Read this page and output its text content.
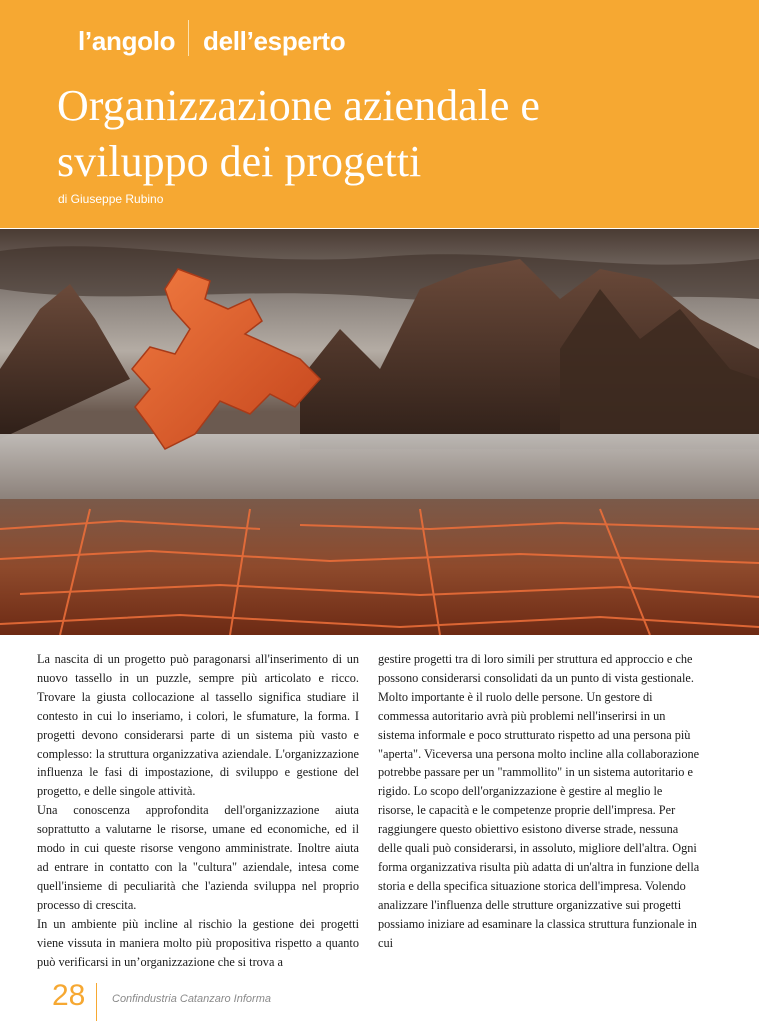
l’angolo dell’esperto
Organizzazione aziendale e
sviluppo dei progetti
di Giuseppe Rubino

La nascita di un progetto può paragonarsi all'inserimento di un nuovo tassello in un puzzle, sempre più articolato e ricco. Trovare la giusta collocazione al tassello significa studiare il contesto in cui lo inseriamo, i colori, le sfumature, la forma. I progetti devono considerarsi parte di un sistema più vasto e complesso: la struttura organizzativa aziendale. L'organizzazione influenza le fasi di impostazione, di sviluppo e gestione del progetto, e delle singole attività.

Una conoscenza approfondita dell'organizzazione aiuta soprattutto a valutarne le risorse, umane ed economiche, ed il modo in cui queste risorse vengono amministrate. Inoltre aiuta ad entrare in contatto con la "cultura" aziendale, intesa come quell'insieme di peculiarità che l'azienda sviluppa nel proprio processo di crescita.

In un ambiente più incline al rischio la gestione dei progetti viene vissuta in maniera molto più propositiva rispetto a quanto può verificarsi in un’organizzazione che si trova a

gestire progetti tra di loro simili per struttura ed approccio e che possono considerarsi consolidati da un punto di vista gestionale.

Molto importante è il ruolo delle persone. Un gestore di commessa autoritario avrà più problemi nell'inserirsi in un sistema informale e poco strutturato rispetto ad una persona più "aperta". Viceversa una persona molto incline alla collaborazione potrebbe passare per un "rammollito" in un sistema autoritario e rigido. Lo scopo dell'organizzazione è gestire al meglio le risorse, le capacità e le competenze proprie dell'impresa. Per raggiungere questo obiettivo esistono diverse strade, nessuna delle quali può considerarsi, in assoluto, migliore dell'altra. Ogni forma organizzativa risulta più adatta di un'altra in funzione della storia e della specifica situazione storica dell'impresa. Volendo analizzare l'influenza delle strutture organizzative sui progetti possiamo iniziare ad esaminare la classica struttura funzionale in cui

28 Confindustria Catanzaro Informa
